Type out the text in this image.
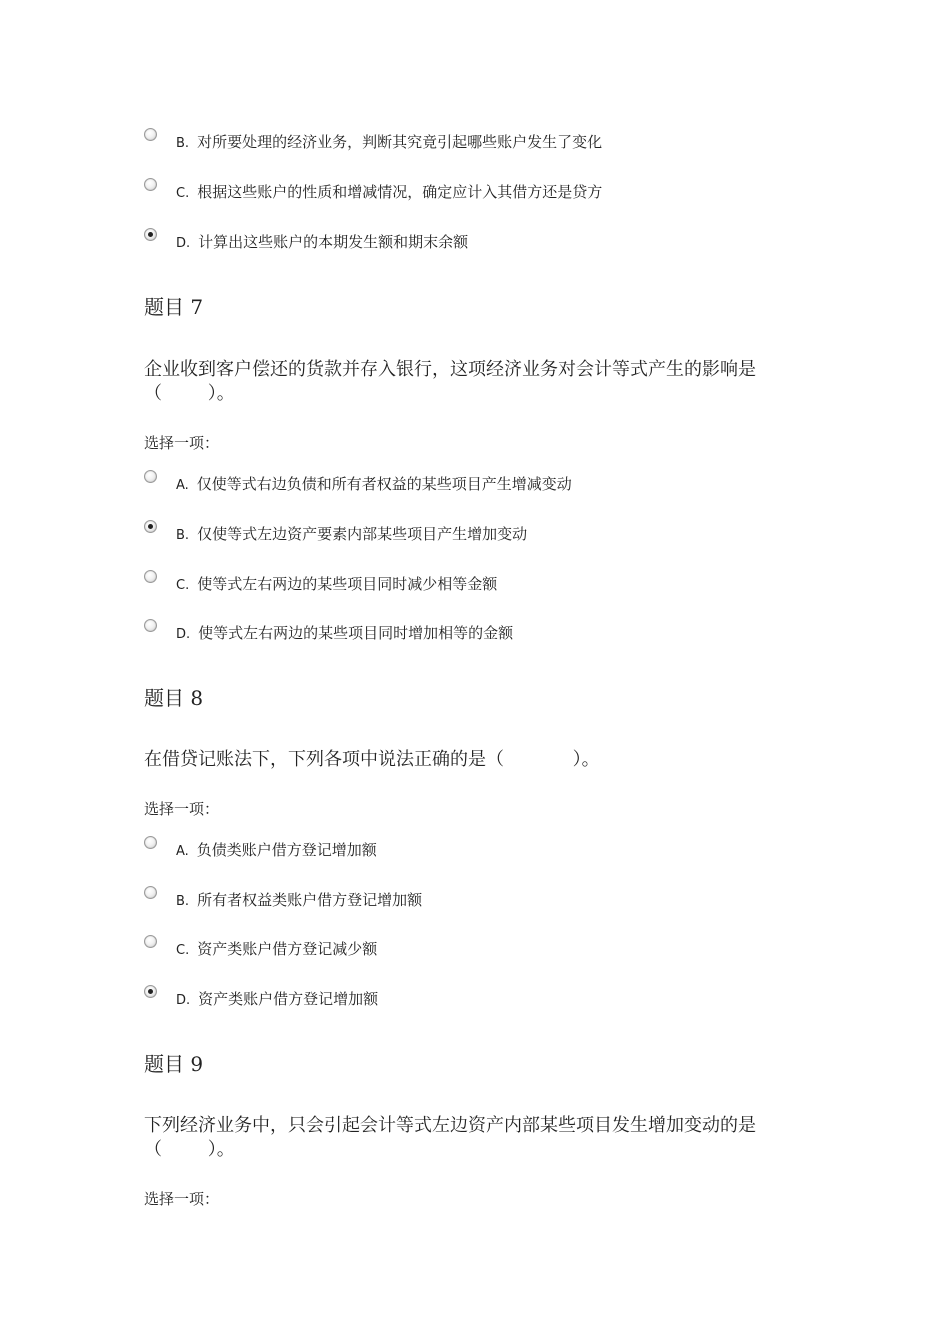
B. 对所要处理的经济业务，判断其究竟引起哪些账户发生了变化
C. 根据这些账户的性质和增减情况，确定应计入其借方还是贷方
D. 计算出这些账户的本期发生额和期末余额
题目 7
企业收到客户偿还的货款并存入银行，这项经济业务对会计等式产生的影响是（        ）。
选择一项：
A. 仅使等式右边负债和所有者权益的某些项目产生增减变动
B. 仅使等式左边资产要素内部某些项目产生增加变动
C. 使等式左右两边的某些项目同时减少相等金额
D. 使等式左右两边的某些项目同时增加相等的金额
题目 8
在借贷记账法下，下列各项中说法正确的是（            ）。
选择一项：
A. 负债类账户借方登记增加额
B. 所有者权益类账户借方登记增加额
C. 资产类账户借方登记减少额
D. 资产类账户借方登记增加额
题目 9
下列经济业务中，只会引起会计等式左边资产内部某些项目发生增加变动的是（        ）。
选择一项：
